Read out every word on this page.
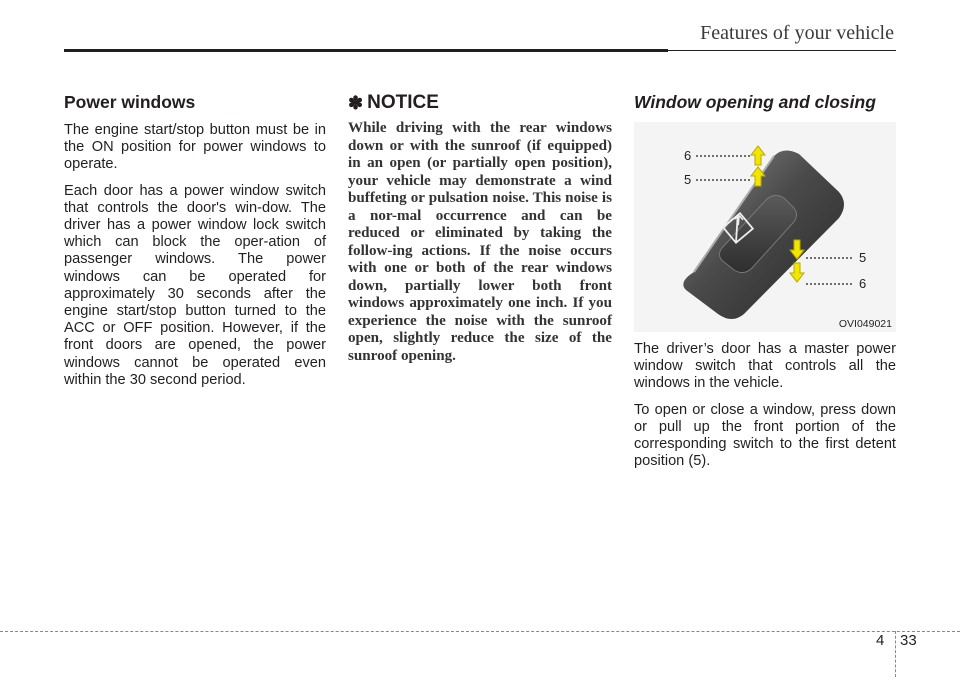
Features of your vehicle
Power windows

The engine start/stop button must be in the ON position for power windows to operate.

Each door has a power window switch that controls the door's win-dow. The driver has a power window lock switch which can block the oper-ation of passenger windows. The power windows can be operated for approximately 30 seconds after the engine start/stop button turned to the ACC or OFF position. However, if the front doors are opened, the power windows cannot be operated even within the 30 second period.

✽ NOTICE

While driving with the rear windows down or with the sunroof (if equipped) in an open (or partially open position), your vehicle may demonstrate a wind buffeting or pulsation noise. This noise is a nor-mal occurrence and can be reduced or eliminated by taking the follow-ing actions. If the noise occurs with one or both of the rear windows down, partially lower both front windows approximately one inch. If you experience the noise with the sunroof open, slightly reduce the size of the sunroof opening.

Window opening and closing
6
5
5
6
OVI049021

The driver’s door has a master power window switch that controls all the windows in the vehicle.

To open or close a window, press down or pull up the front portion of the corresponding switch to the first detent position (5).

4 33
